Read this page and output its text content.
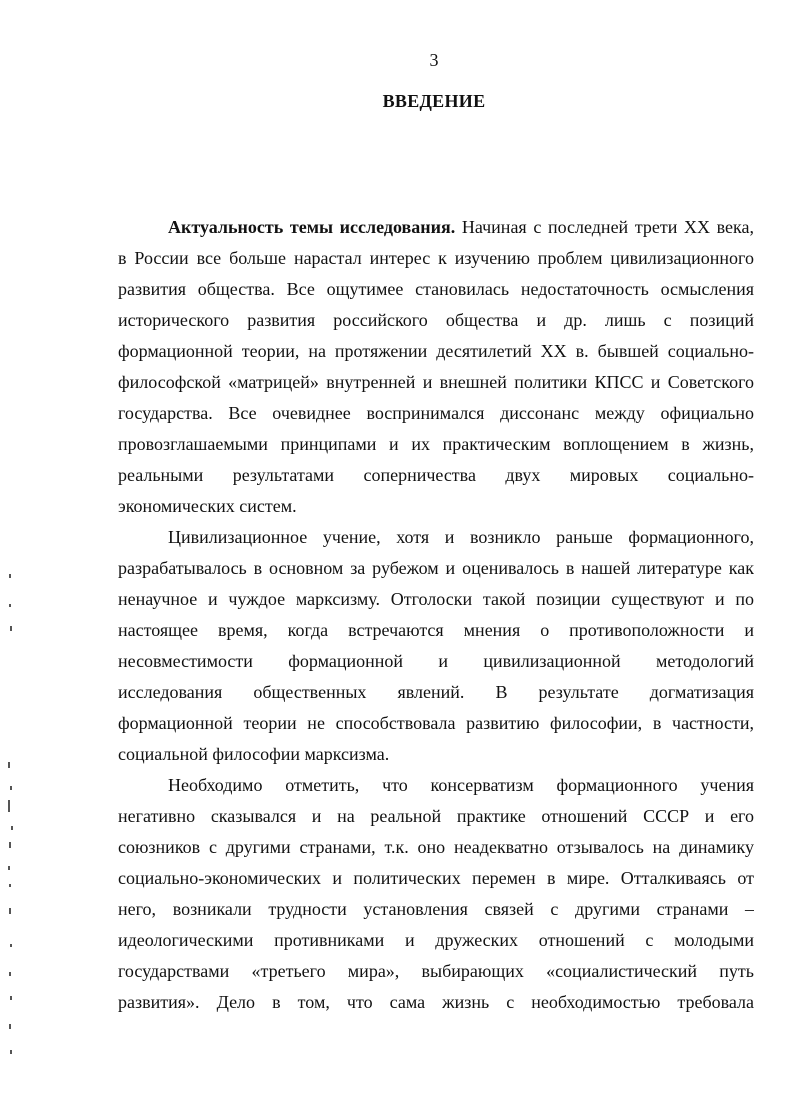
3
ВВЕДЕНИЕ
Актуальность темы исследования. Начиная с последней трети XX века,
в России все больше нарастал интерес к изучению проблем цивилизационного
развития общества. Все ощутимее становилась недостаточность осмысления
исторического развития российского общества и др. лишь с позиций
формационной теории, на протяжении десятилетий XX в. бывшей социально-
философской «матрицей» внутренней и внешней политики КПСС и Советского
государства. Все очевиднее воспринимался диссонанс между официально
провозглашаемыми принципами и их практическим воплощением в жизнь,
реальными результатами соперничества двух мировых социально-
экономических систем.
Цивилизационное учение, хотя и возникло раньше формационного,
разрабатывалось в основном за рубежом и оценивалось в нашей литературе как
ненаучное и чуждое марксизму. Отголоски такой позиции существуют и по
настоящее время, когда встречаются мнения о противоположности и
несовместимости формационной и цивилизационной методологий
исследования общественных явлений. В результате догматизация
формационной теории не способствовала развитию философии, в частности,
социальной философии марксизма.
Необходимо отметить, что консерватизм формационного учения
негативно сказывался и на реальной практике отношений СССР и его
союзников с другими странами, т.к. оно неадекватно отзывалось на динамику
социально-экономических и политических перемен в мире. Отталкиваясь от
него, возникали трудности установления связей с другими странами –
идеологическими противниками и дружеских отношений с молодыми
государствами «третьего мира», выбирающих «социалистический путь
развития». Дело в том, что сама жизнь с необходимостью требовала
